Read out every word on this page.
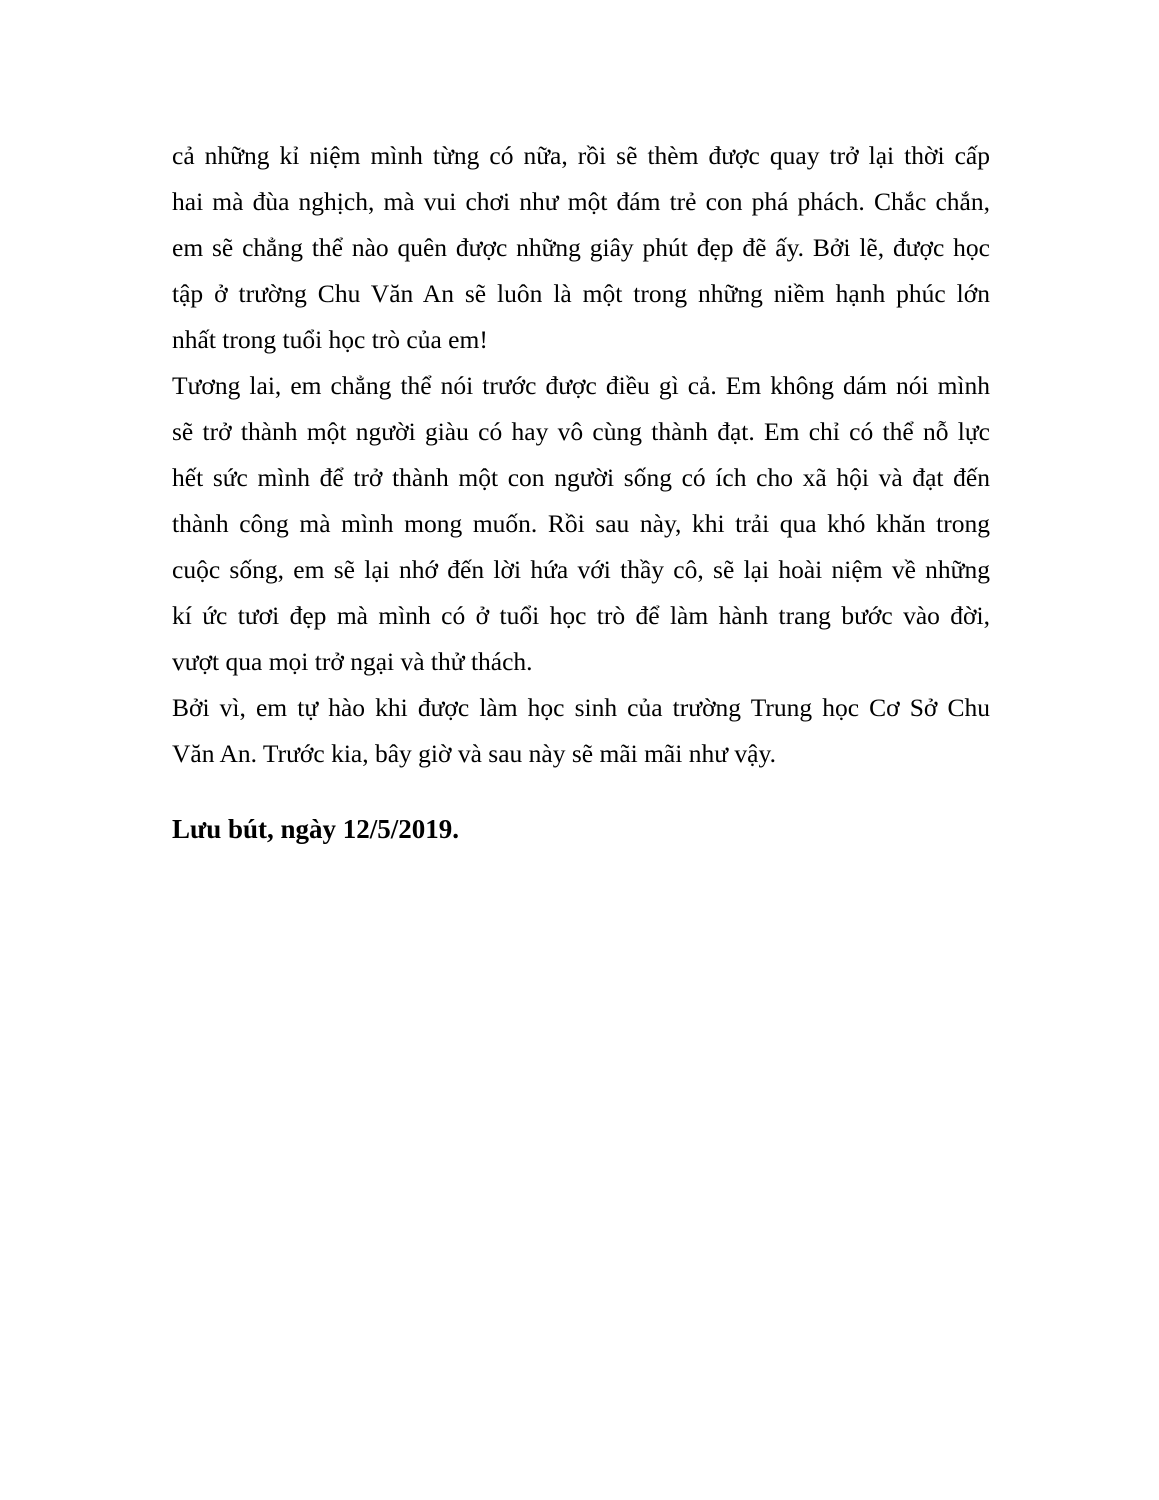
cả những kỉ niệm mình từng có nữa, rồi sẽ thèm được quay trở lại thời cấp
hai mà đùa nghịch, mà vui chơi như một đám trẻ con phá phách. Chắc chắn,
em sẽ chẳng thể nào quên được những giây phút đẹp đẽ ấy. Bởi lẽ, được học
tập ở trường Chu Văn An sẽ luôn là một trong những niềm hạnh phúc lớn
nhất trong tuổi học trò của em!
Tương lai, em chẳng thể nói trước được điều gì cả. Em không dám nói mình
sẽ trở thành một người giàu có hay vô cùng thành đạt. Em chỉ có thể nỗ lực
hết sức mình để trở thành một con người sống có ích cho xã hội và đạt đến
thành công mà mình mong muốn. Rồi sau này, khi trải qua khó khăn trong
cuộc sống, em sẽ lại nhớ đến lời hứa với thầy cô, sẽ lại hoài niệm về những
kí ức tươi đẹp mà mình có ở tuổi học trò để làm hành trang bước vào đời,
vượt qua mọi trở ngại và thử thách.
Bởi vì, em tự hào khi được làm học sinh của trường Trung học Cơ Sở Chu
Văn An. Trước kia, bây giờ và sau này sẽ mãi mãi như vậy.
Lưu bút, ngày 12/5/2019.
